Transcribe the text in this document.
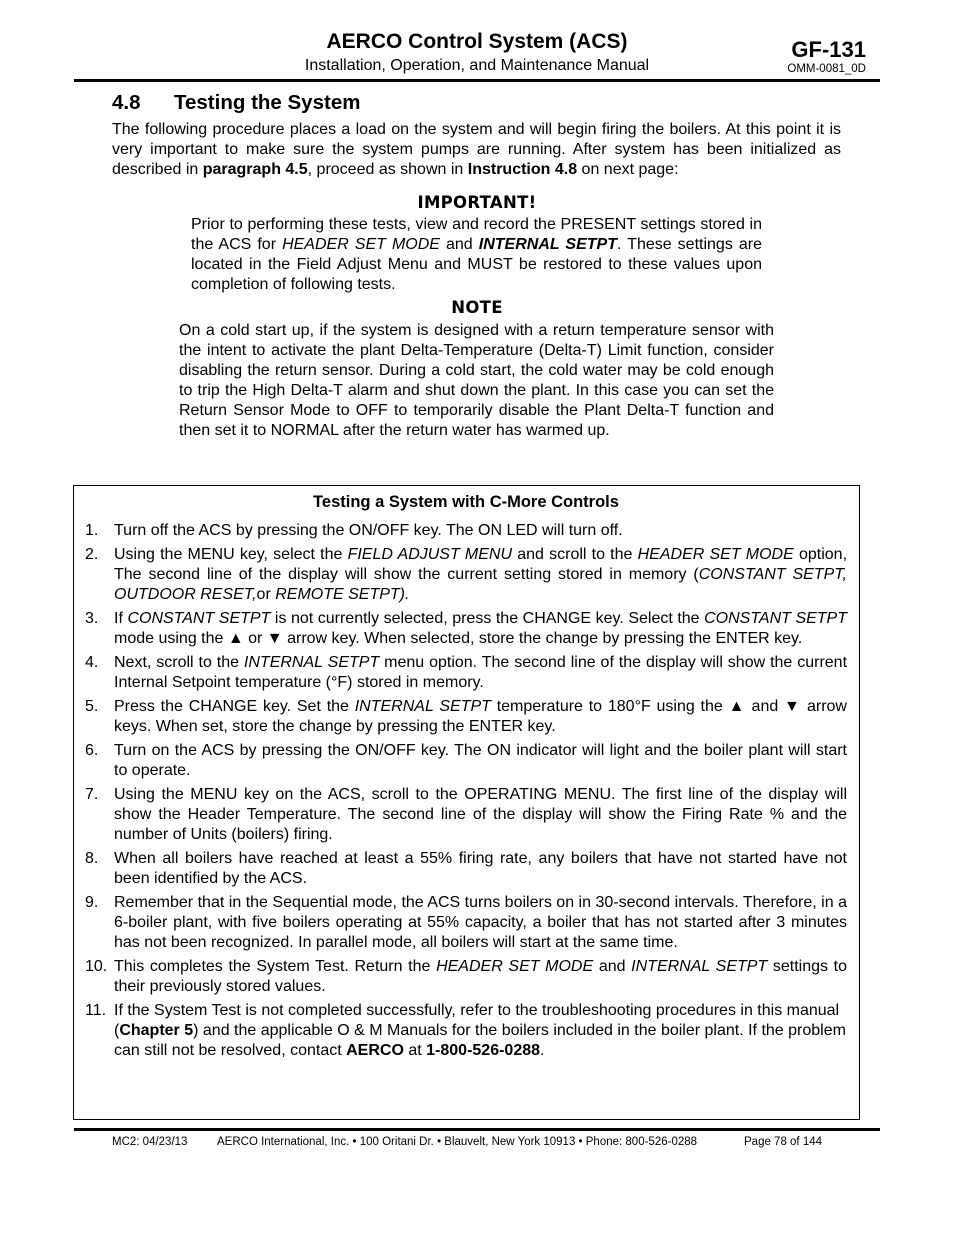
AERCO Control System (ACS)
Installation, Operation, and Maintenance Manual
GF-131
OMM-0081_0D
4.8 Testing the System
The following procedure places a load on the system and will begin firing the boilers. At this point it is very important to make sure the system pumps are running. After system has been initialized as described in paragraph 4.5, proceed as shown in Instruction 4.8 on next page:
IMPORTANT!
Prior to performing these tests, view and record the PRESENT settings stored in the ACS for HEADER SET MODE and INTERNAL SETPT. These settings are located in the Field Adjust Menu and MUST be restored to these values upon completion of following tests.
NOTE
On a cold start up, if the system is designed with a return temperature sensor with the intent to activate the plant Delta-Temperature (Delta-T) Limit function, consider disabling the return sensor. During a cold start, the cold water may be cold enough to trip the High Delta-T alarm and shut down the plant. In this case you can set the Return Sensor Mode to OFF to temporarily disable the Plant Delta-T function and then set it to NORMAL after the return water has warmed up.
Testing a System with C-More Controls
1. Turn off the ACS by pressing the ON/OFF key. The ON LED will turn off.
2. Using the MENU key, select the FIELD ADJUST MENU and scroll to the HEADER SET MODE option, The second line of the display will show the current setting stored in memory (CONSTANT SETPT, OUTDOOR RESET,or REMOTE SETPT).
3. If CONSTANT SETPT is not currently selected, press the CHANGE key. Select the CONSTANT SETPT mode using the ▲ or ▼ arrow key. When selected, store the change by pressing the ENTER key.
4. Next, scroll to the INTERNAL SETPT menu option. The second line of the display will show the current Internal Setpoint temperature (°F) stored in memory.
5. Press the CHANGE key. Set the INTERNAL SETPT temperature to 180°F using the ▲ and ▼ arrow keys. When set, store the change by pressing the ENTER key.
6. Turn on the ACS by pressing the ON/OFF key. The ON indicator will light and the boiler plant will start to operate.
7. Using the MENU key on the ACS, scroll to the OPERATING MENU. The first line of the display will show the Header Temperature. The second line of the display will show the Firing Rate % and the number of Units (boilers) firing.
8. When all boilers have reached at least a 55% firing rate, any boilers that have not started have not been identified by the ACS.
9. Remember that in the Sequential mode, the ACS turns boilers on in 30-second intervals. Therefore, in a 6-boiler plant, with five boilers operating at 55% capacity, a boiler that has not started after 3 minutes has not been recognized. In parallel mode, all boilers will start at the same time.
10. This completes the System Test. Return the HEADER SET MODE and INTERNAL SETPT settings to their previously stored values.
11. If the System Test is not completed successfully, refer to the troubleshooting procedures in this manual (Chapter 5) and the applicable O & M Manuals for the boilers included in the boiler plant. If the problem can still not be resolved, contact AERCO at 1-800-526-0288.
MC2: 04/23/13	AERCO International, Inc. • 100 Oritani Dr. • Blauvelt, New York 10913 • Phone: 800-526-0288	Page 78 of 144
